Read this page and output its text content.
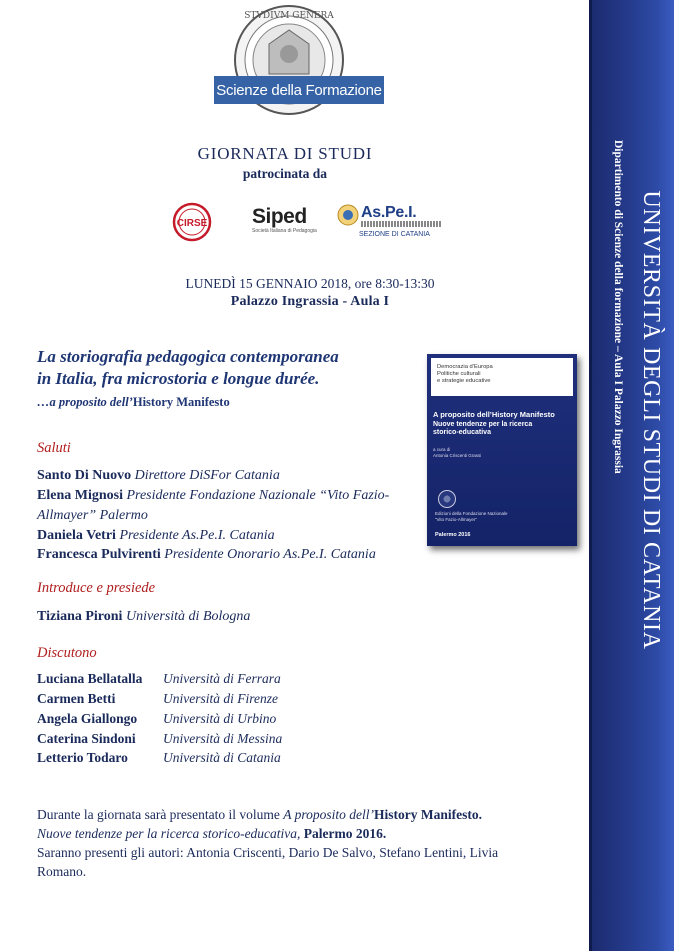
STVDIVM GENERA
Scienze della Formazione
GIORNATA DI STUDI
patrocinata da
CIRSE Siped
Società Italiana di Pedagogia
As.Pe.I.
SEZIONE DI CATANIA
LUNEDÌ 15 GENNAIO 2018, ore 8:30-13:30
Palazzo Ingrassia - Aula I
La storiografia pedagogica contemporanea
in Italia, fra microstoria e longue durée.
…a proposito dell’History Manifesto
Saluti
Santo Di Nuovo Direttore DiSFor Catania
Elena Mignosi Presidente Fondazione Nazionale “Vito Fazio-Allmayer” Palermo
Daniela Vetri Presidente As.Pe.I. Catania
Francesca Pulvirenti Presidente Onorario As.Pe.I. Catania
Introduce e presiede
Tiziana Pironi Università di Bologna
Discutono
Luciana Bellatalla Università di Ferrara
Carmen Betti	Università di Firenze
Angela Giallongo Università di Urbino
Caterina Sindoni Università di Messina
Letterio Todaro	Università di Catania
Durante la giornata sarà presentato il volume A proposito dell’History Manifesto.
Nuove tendenze per la ricerca storico-educativa, Palermo 2016.
Saranno presenti gli autori: Antonia Criscenti, Dario De Salvo, Stefano Lentini, Livia
Romano.
Democrazia d’Europa
Politiche culturali
e strategie educative
A proposito dell’History Manifesto
Nuove tendenze per la ricerca
storico-educativa
a cura di
Antonia Criscenti Grassi
Edizioni della Fondazione Nazionale
“Vito Fazio-Allmayer”
Palermo 2016	UNIVERSITÀ DEGLI STUDI DI CATANIA
Dipartimento di Scienze della formazione – Aula I Palazzo Ingrassia
